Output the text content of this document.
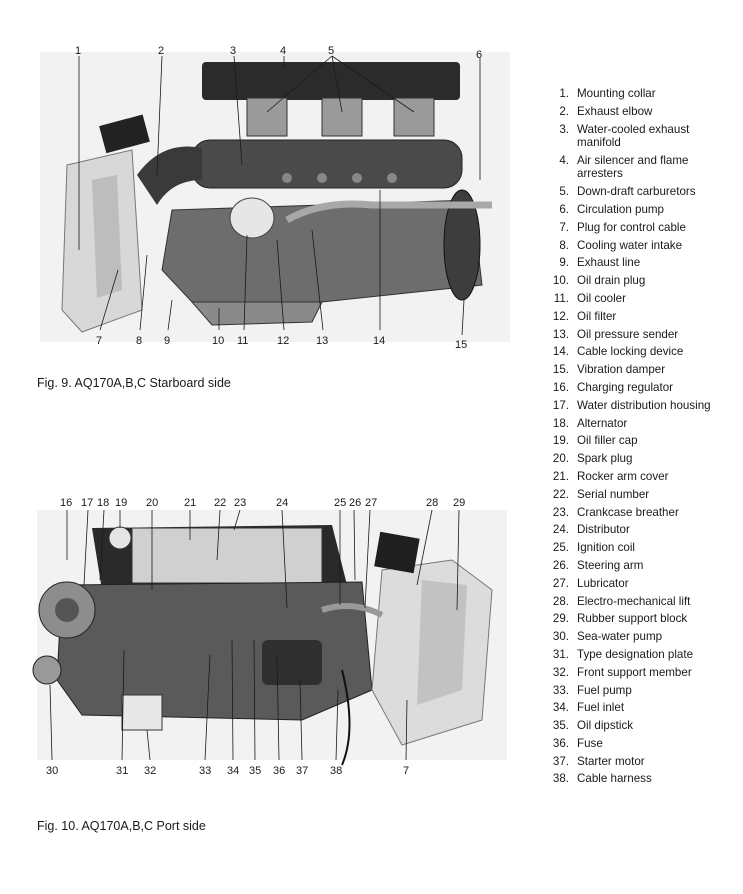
1	2	3	4	5	6
7	8 9	10 11	12 13	14	15
Fig. 9. AQ170A,B,C Starboard side
16 17 18 19 20 21 22 23	24	25 26 27	28 29
30	31 32	33 34 35 36 37 38	7
Fig. 10. AQ170A,B,C Port side
1. Mounting collar
2. Exhaust elbow
3. Water-cooled exhaust manifold
4. Air silencer and flame arresters
5. Down-draft carburetors
6. Circulation pump
7. Plug for control cable
8. Cooling water intake
9. Exhaust line
10. Oil drain plug
11. Oil cooler
12. Oil filter
13. Oil pressure sender
14. Cable locking device
15. Vibration damper
16. Charging regulator
17. Water distribution housing
18. Alternator
19. Oil filler cap
20. Spark plug
21. Rocker arm cover
22. Serial number
23. Crankcase breather
24. Distributor
25. Ignition coil
26. Steering arm
27. Lubricator
28. Electro-mechanical lift
29. Rubber support block
30. Sea-water pump
31. Type designation plate
32. Front support member
33. Fuel pump
34. Fuel inlet
35. Oil dipstick
36. Fuse
37. Starter motor
38. Cable harness
